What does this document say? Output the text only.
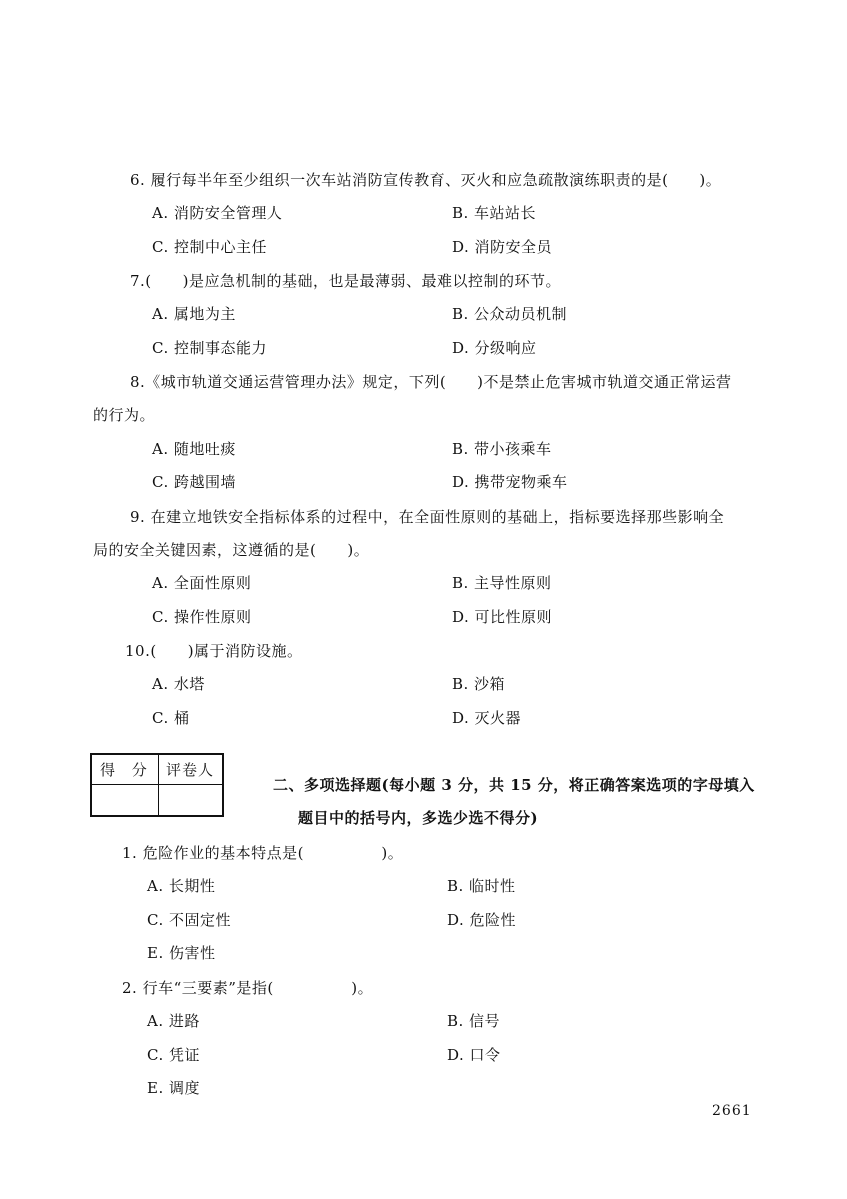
6. 履行每半年至少组织一次车站消防宣传教育、灭火和应急疏散演练职责的是(　　)。
A. 消防安全管理人	B. 车站站长
C. 控制中心主任	D. 消防安全员
7.(　　)是应急机制的基础，也是最薄弱、最难以控制的环节。
A. 属地为主	B. 公众动员机制
C. 控制事态能力	D. 分级响应
8.《城市轨道交通运营管理办法》规定，下列(　　)不是禁止危害城市轨道交通正常运营
的行为。
A. 随地吐痰	B. 带小孩乘车
C. 跨越围墙	D. 携带宠物乘车
9. 在建立地铁安全指标体系的过程中，在全面性原则的基础上，指标要选择那些影响全
局的安全关键因素，这遵循的是(　　)。
A. 全面性原则	B. 主导性原则
C. 操作性原则	D. 可比性原则
10.(　　)属于消防设施。
A. 水塔	B. 沙箱
C. 桶	D. 灭火器
得 分 评卷人
二、多项选择题(每小题 3 分，共 15 分，将正确答案选项的字母填入
题目中的括号内，多选少选不得分)
1. 危险作业的基本特点是(　　　　　)。
A. 长期性	B. 临时性
C. 不固定性	D. 危险性
E. 伤害性
2. 行车“三要素”是指(　　　　　)。
A. 进路	B. 信号
C. 凭证	D. 口令
E. 调度
2661
